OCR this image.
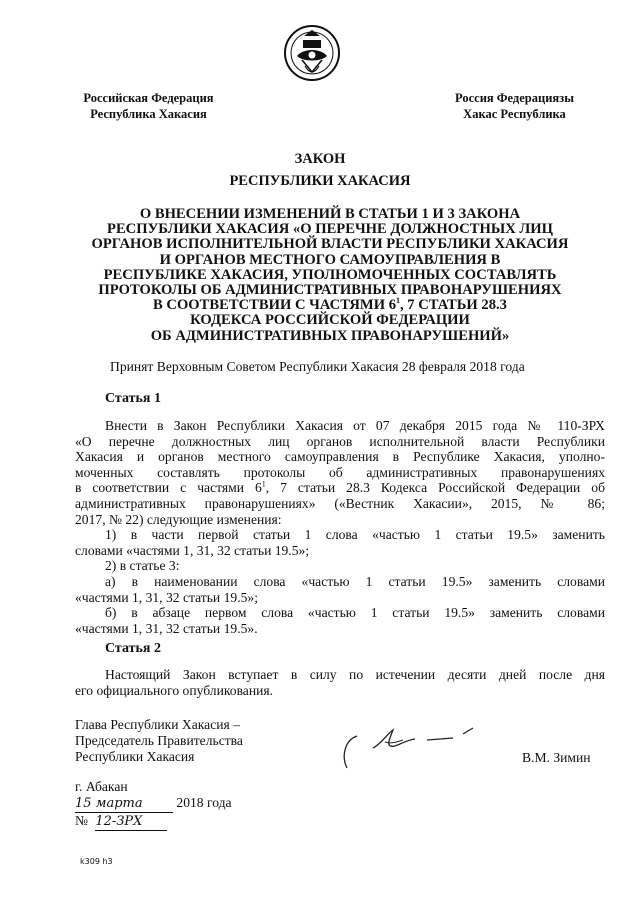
Российская Федерация
Республика Хакасия
Россия Федерациязы
Хакас Республика
ЗАКОН
РЕСПУБЛИКИ ХАКАСИЯ
О ВНЕСЕНИИ ИЗМЕНЕНИЙ В СТАТЬИ 1 И 3 ЗАКОНА
РЕСПУБЛИКИ ХАКАСИЯ «О ПЕРЕЧНЕ ДОЛЖНОСТНЫХ ЛИЦ
ОРГАНОВ ИСПОЛНИТЕЛЬНОЙ ВЛАСТИ РЕСПУБЛИКИ ХАКАСИЯ
И ОРГАНОВ МЕСТНОГО САМОУПРАВЛЕНИЯ В
РЕСПУБЛИКЕ ХАКАСИЯ, УПОЛНОМОЧЕННЫХ СОСТАВЛЯТЬ
ПРОТОКОЛЫ ОБ АДМИНИСТРАТИВНЫХ ПРАВОНАРУШЕНИЯХ
В СООТВЕТСТВИИ С ЧАСТЯМИ $6^1$, 7 СТАТЬИ 28.3
КОДЕКСА РОССИЙСКОЙ ФЕДЕРАЦИИ
ОБ АДМИНИСТРАТИВНЫХ ПРАВОНАРУШЕНИЙ»
Принят Верховным Советом Республики Хакасия 28 февраля 2018 года
Статья 1
Внести в Закон Республики Хакасия от 07 декабря 2015 года № 110-ЗРХ
«О перечне должностных лиц органов исполнительной власти Республики
Хакасия и органов местного самоуправления в Республике Хакасия, уполно-
моченных составлять протоколы об административных правонарушениях
в соответствии с частями $6^1$, 7 статьи 28.3 Кодекса Российской Федерации об
административных правонарушениях» («Вестник Хакасии», 2015, № 86;
2017, № 22) следующие изменения:
1) в части первой статьи 1 слова «частью 1 статьи 19.5» заменить
словами «частями 1, 31, 32 статьи 19.5»;
2) в статье 3:
а) в наименовании слова «частью 1 статьи 19.5» заменить словами
«частями 1, 31, 32 статьи 19.5»;
б) в абзаце первом слова «частью 1 статьи 19.5» заменить словами
«частями 1, 31, 32 статьи 19.5».
Статья 2
Настоящий Закон вступает в силу по истечении десяти дней после дня
его официального опубликования.
Глава Республики Хакасия –
Председатель Правительства
Республики Хакасия	В.М. Зимин
г. Абакан
15 марта 2018 года
№ 12-ЗРХ
k309 h3
